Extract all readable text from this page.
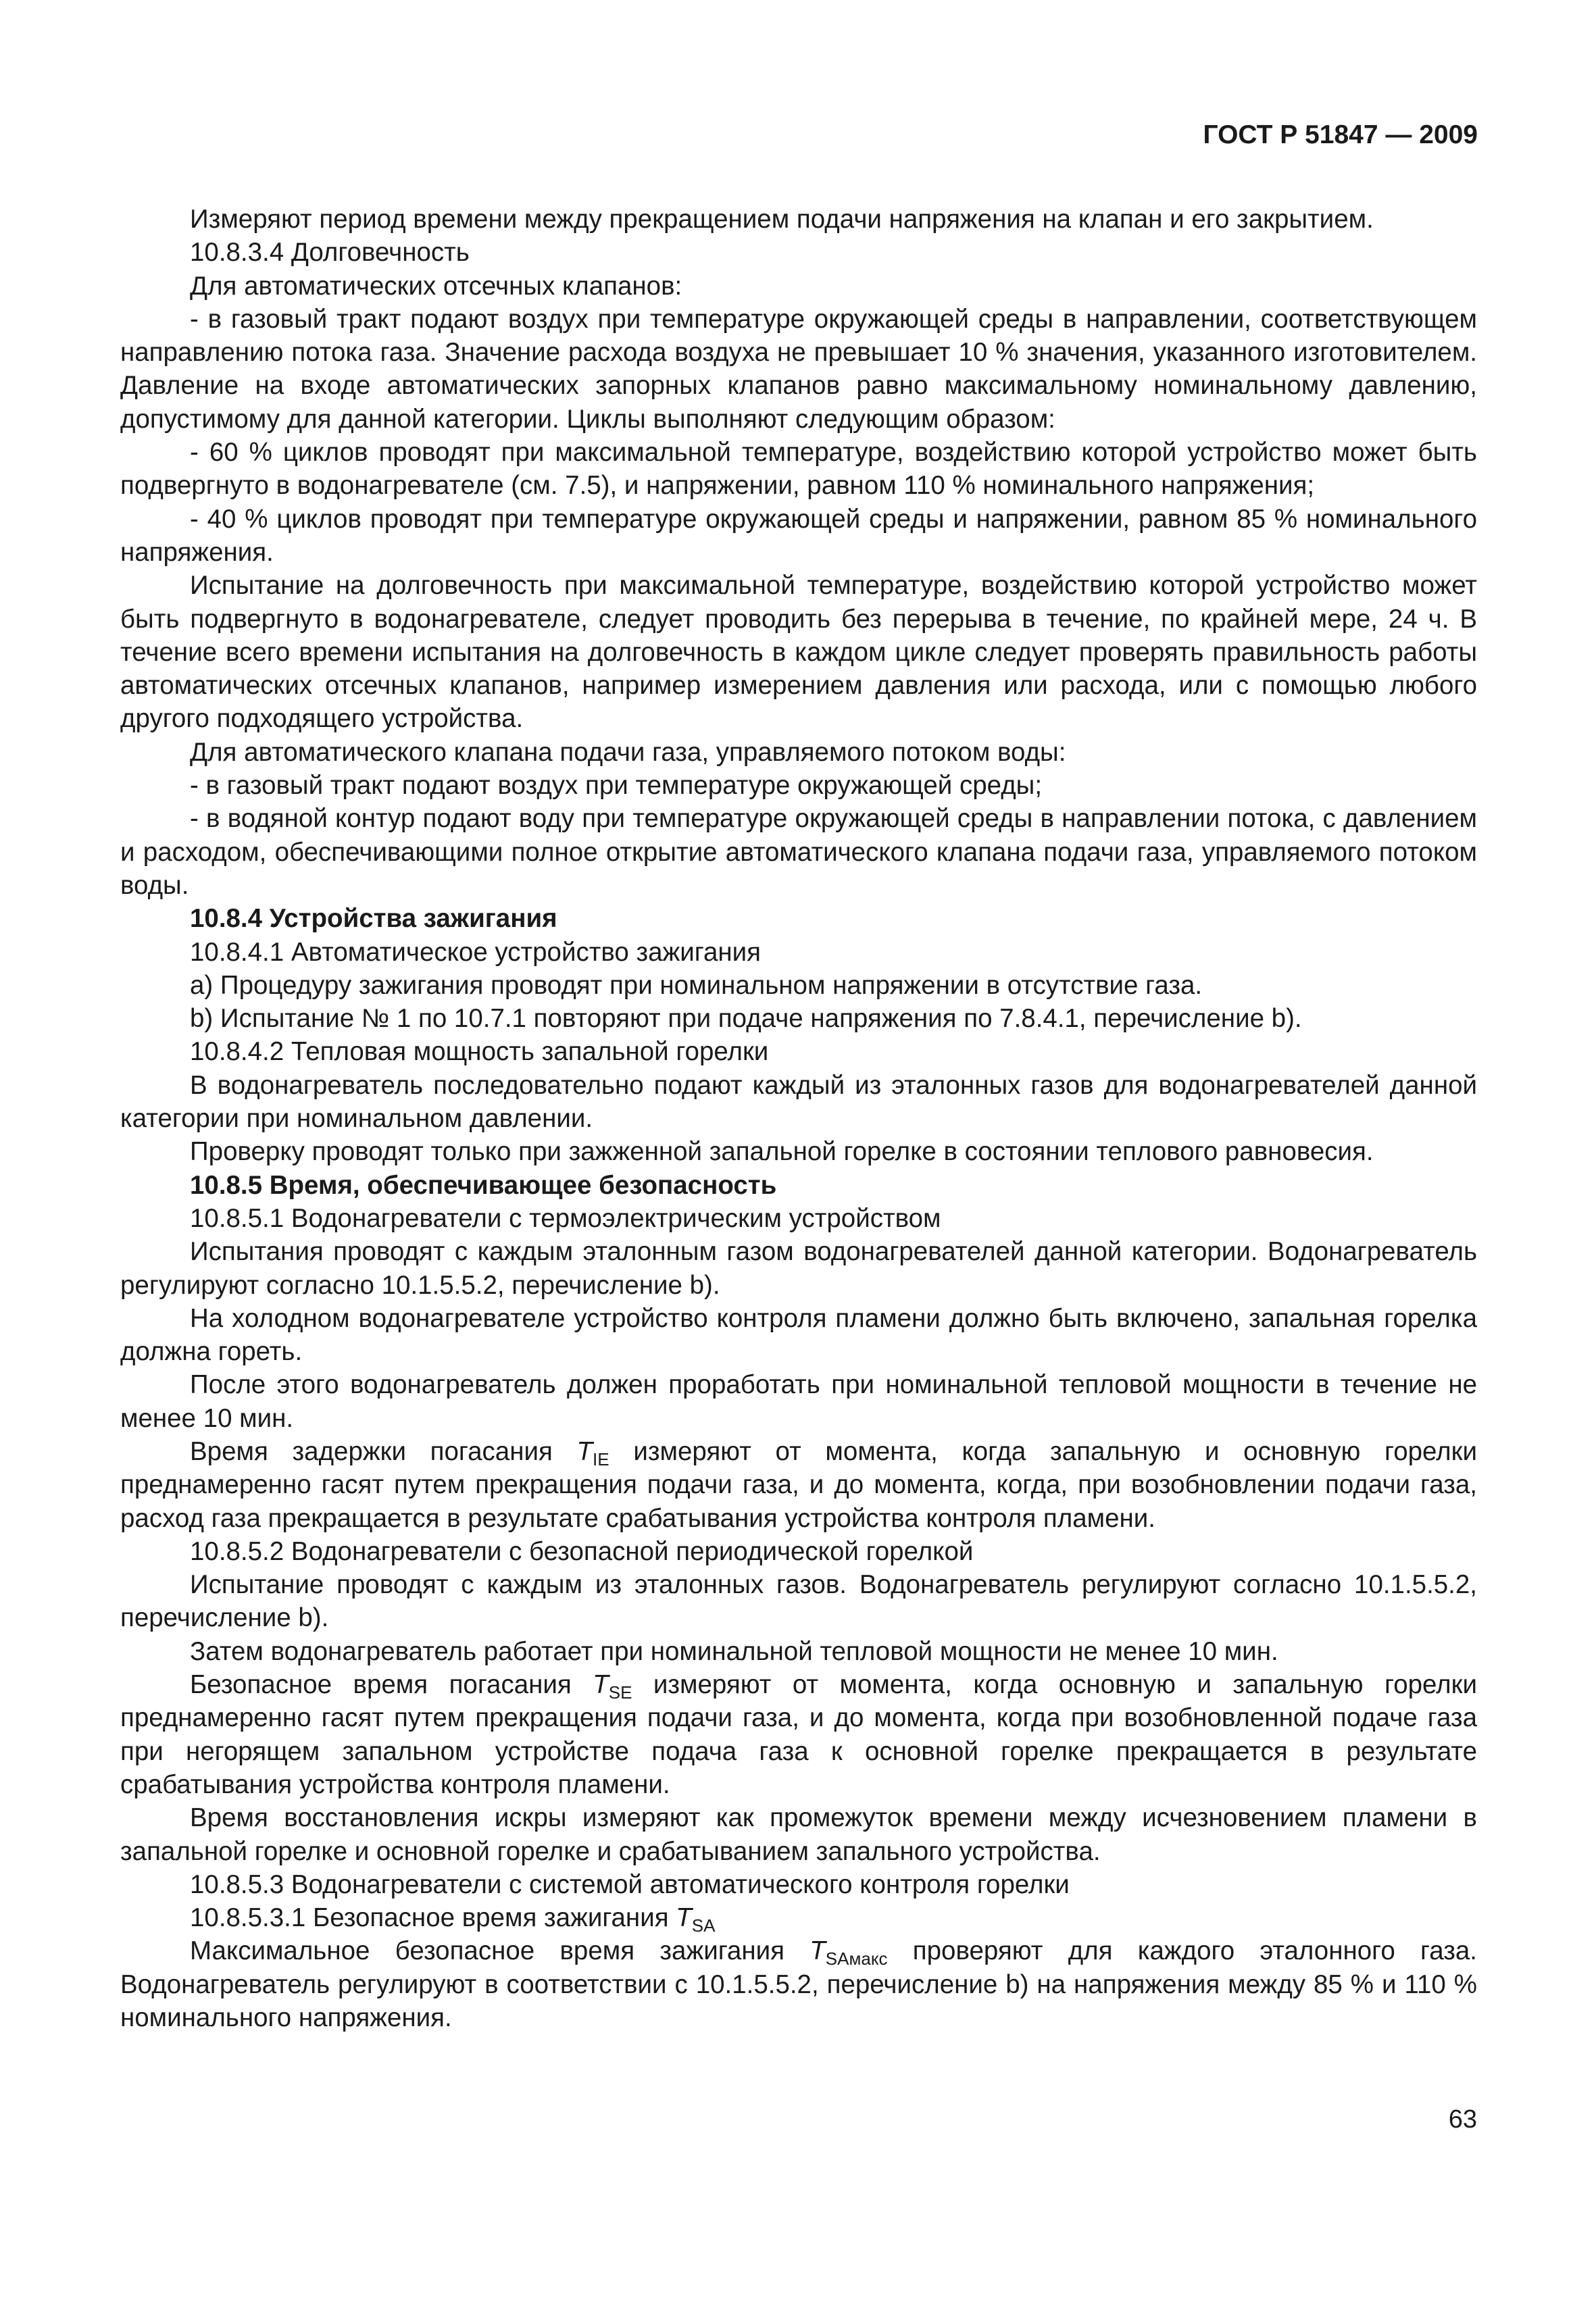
ГОСТ Р 51847 — 2009

Измеряют период времени между прекращением подачи напряжения на клапан и его закрытием.

10.8.3.4 Долговечность

Для автоматических отсечных клапанов:

- в газовый тракт подают воздух при температуре окружающей среды в направлении, соответствующем направлению потока газа. Значение расхода воздуха не превышает 10 % значения, указанного изготовителем. Давление на входе автоматических запорных клапанов равно максимальному номинальному давлению, допустимому для данной категории. Циклы выполняют следующим образом:

- 60 % циклов проводят при максимальной температуре, воздействию которой устройство может быть подвергнуто в водонагревателе (см. 7.5), и напряжении, равном 110 % номинального напряжения;

- 40 % циклов проводят при температуре окружающей среды и напряжении, равном 85 % номинального напряжения.

Испытание на долговечность при максимальной температуре, воздействию которой устройство может быть подвергнуто в водонагревателе, следует проводить без перерыва в течение, по крайней мере, 24 ч. В течение всего времени испытания на долговечность в каждом цикле следует проверять правильность работы автоматических отсечных клапанов, например измерением давления или расхода, или с помощью любого другого подходящего устройства.

Для автоматического клапана подачи газа, управляемого потоком воды:

- в газовый тракт подают воздух при температуре окружающей среды;

- в водяной контур подают воду при температуре окружающей среды в направлении потока, с давлением и расходом, обеспечивающими полное открытие автоматического клапана подачи газа, управляемого потоком воды.

10.8.4 Устройства зажигания

10.8.4.1 Автоматическое устройство зажигания

a) Процедуру зажигания проводят при номинальном напряжении в отсутствие газа.

b) Испытание № 1 по 10.7.1 повторяют при подаче напряжения по 7.8.4.1, перечисление b).

10.8.4.2 Тепловая мощность запальной горелки

В водонагреватель последовательно подают каждый из эталонных газов для водонагревателей данной категории при номинальном давлении.

Проверку проводят только при зажженной запальной горелке в состоянии теплового равновесия.

10.8.5 Время, обеспечивающее безопасность

10.8.5.1 Водонагреватели с термоэлектрическим устройством

Испытания проводят с каждым эталонным газом водонагревателей данной категории. Водонагреватель регулируют согласно 10.1.5.5.2, перечисление b).

На холодном водонагревателе устройство контроля пламени должно быть включено, запальная горелка должна гореть.

После этого водонагреватель должен проработать при номинальной тепловой мощности в течение не менее 10 мин.

Время задержки погасания $T_{IE}$ измеряют от момента, когда запальную и основную горелки преднамеренно гасят путем прекращения подачи газа, и до момента, когда, при возобновлении подачи газа, расход газа прекращается в результате срабатывания устройства контроля пламени.

10.8.5.2 Водонагреватели с безопасной периодической горелкой

Испытание проводят с каждым из эталонных газов. Водонагреватель регулируют согласно 10.1.5.5.2, перечисление b).

Затем водонагреватель работает при номинальной тепловой мощности не менее 10 мин.

Безопасное время погасания $T_{SE}$ измеряют от момента, когда основную и запальную горелки преднамеренно гасят путем прекращения подачи газа, и до момента, когда при возобновленной подаче газа при негорящем запальном устройстве подача газа к основной горелке прекращается в результате срабатывания устройства контроля пламени.

Время восстановления искры измеряют как промежуток времени между исчезновением пламени в запальной горелке и основной горелке и срабатыванием запального устройства.

10.8.5.3 Водонагреватели с системой автоматического контроля горелки

10.8.5.3.1 Безопасное время зажигания $T_{SA}$

Максимальное безопасное время зажигания $T_{SAмакс}$ проверяют для каждого эталонного газа. Водонагреватель регулируют в соответствии с 10.1.5.5.2, перечисление b) на напряжения между 85 % и 110 % номинального напряжения.

63
